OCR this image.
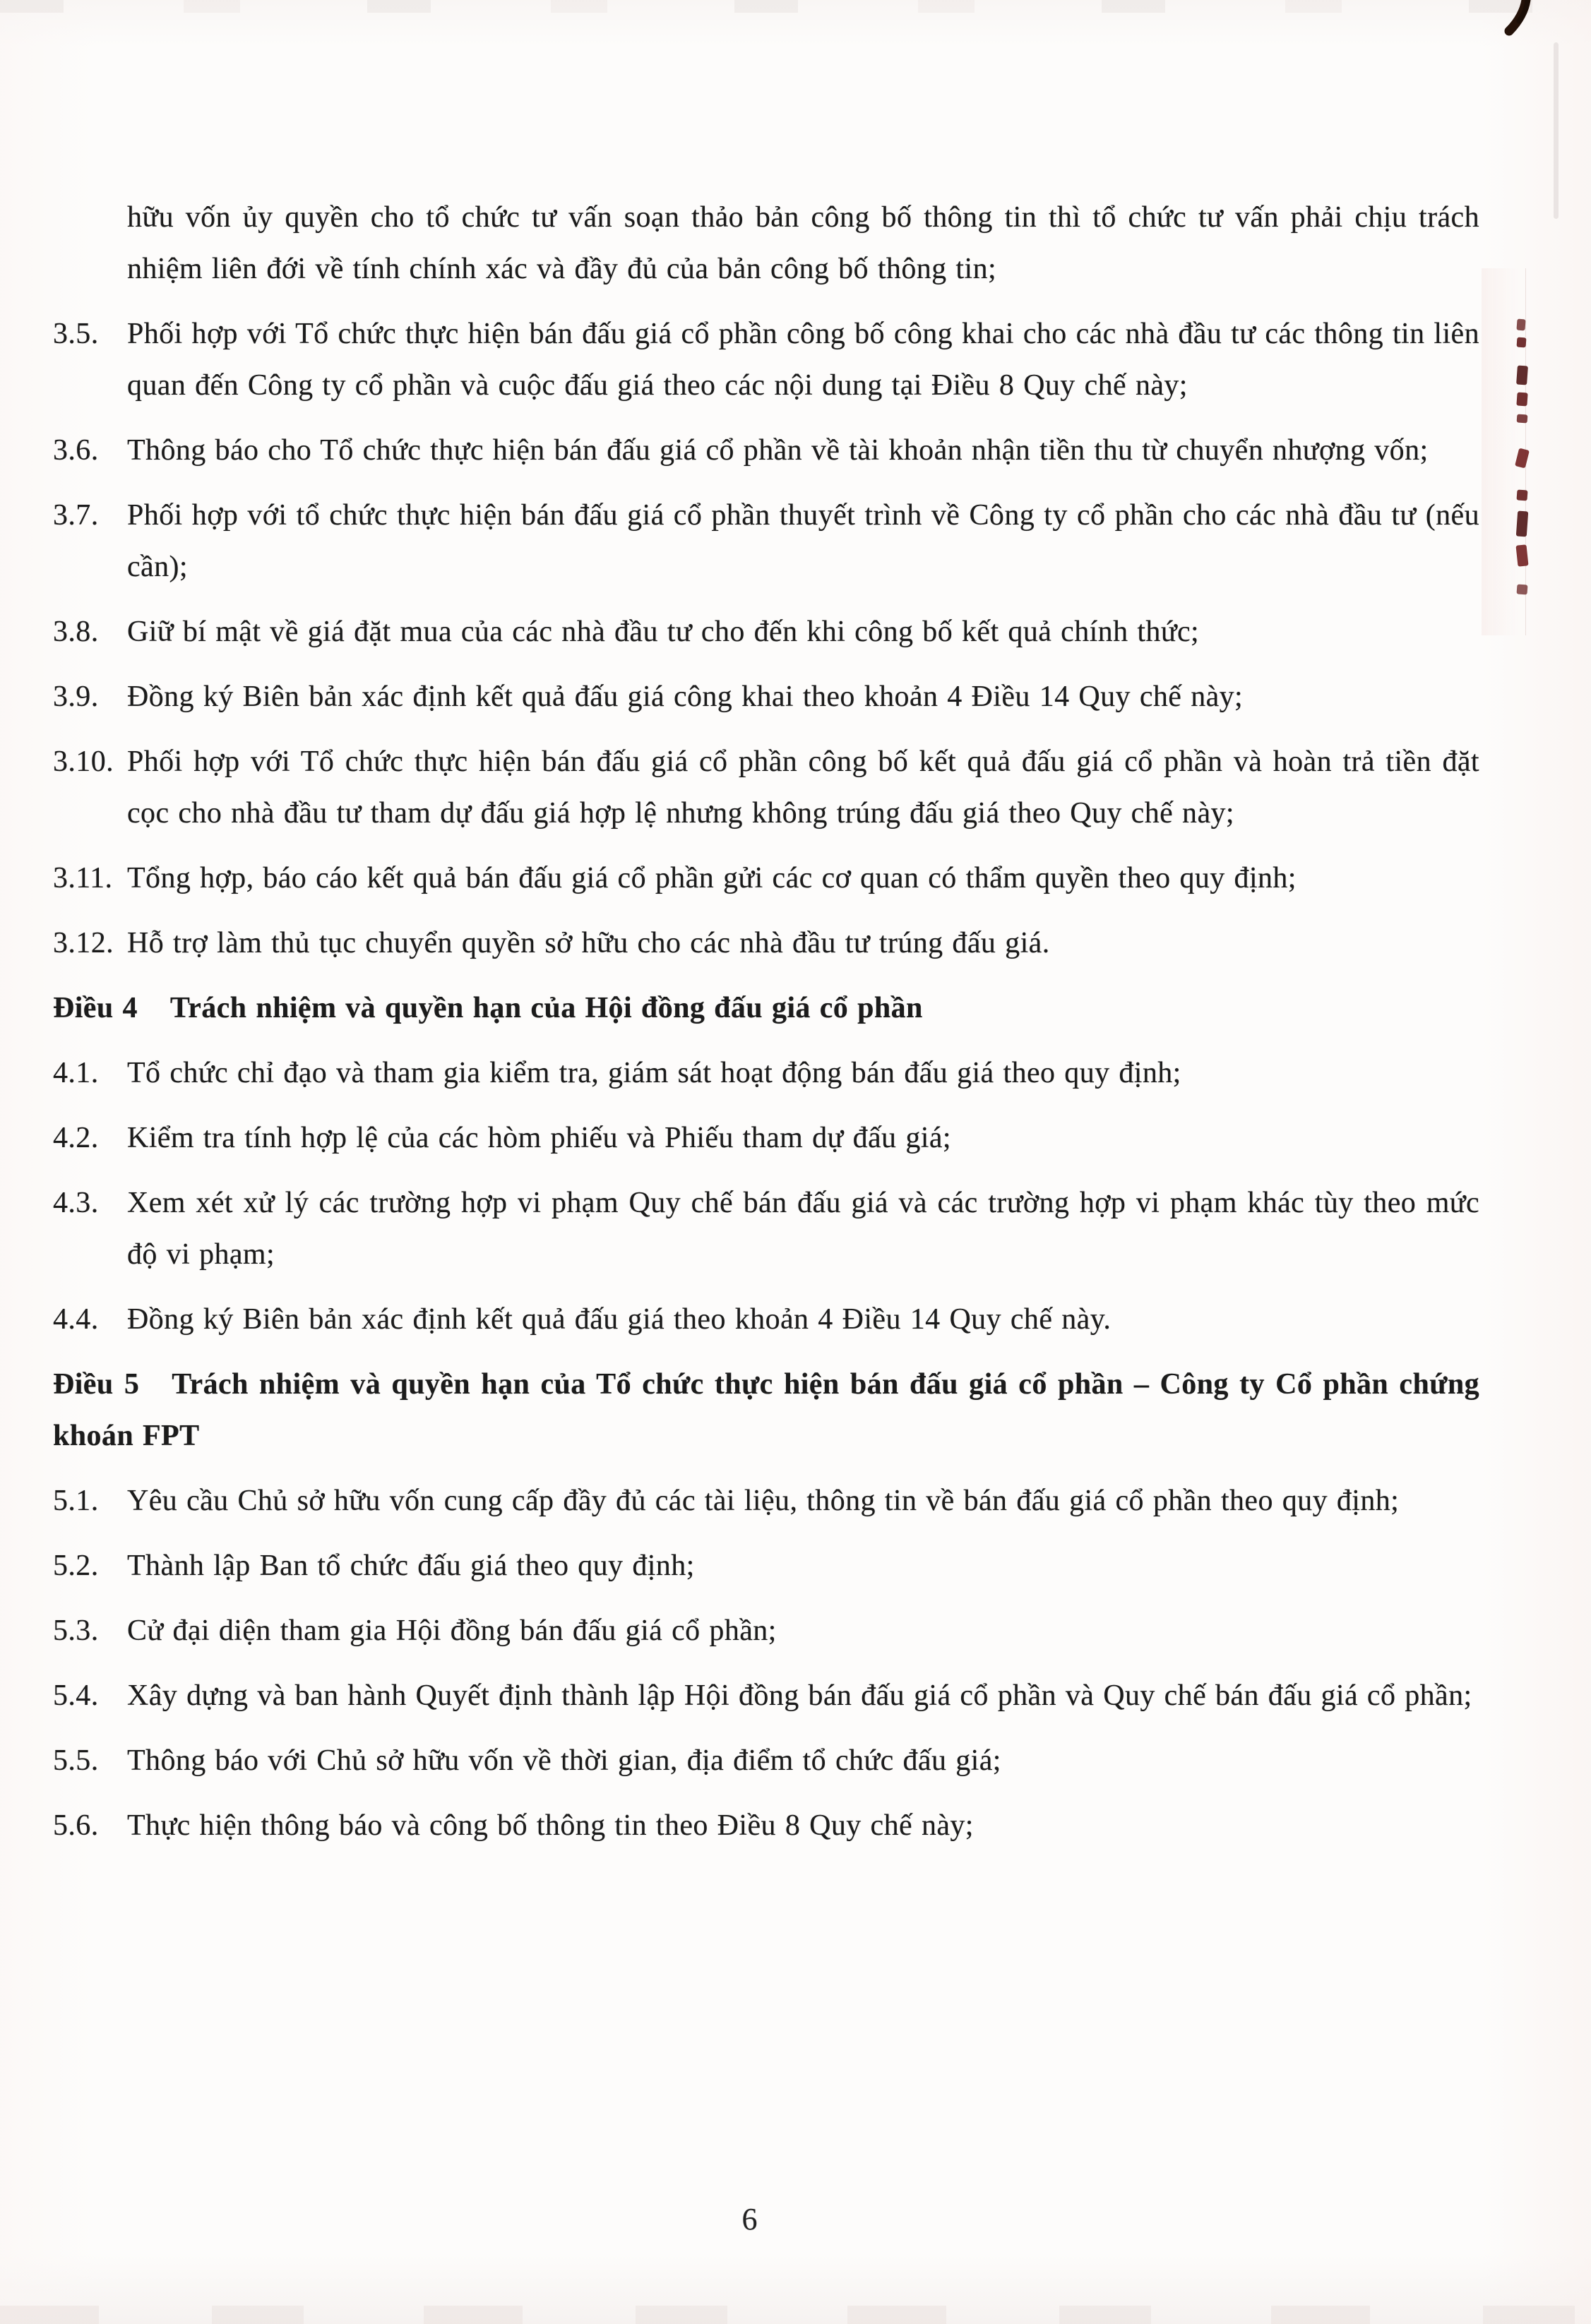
hữu vốn ủy quyền cho tổ chức tư vấn soạn thảo bản công bố thông tin thì tổ chức tư vấn phải chịu trách nhiệm liên đới về tính chính xác và đầy đủ của bản công bố thông tin;

3.5. Phối hợp với Tổ chức thực hiện bán đấu giá cổ phần công bố công khai cho các nhà đầu tư các thông tin liên quan đến Công ty cổ phần và cuộc đấu giá theo các nội dung tại Điều 8 Quy chế này;
3.6. Thông báo cho Tổ chức thực hiện bán đấu giá cổ phần về tài khoản nhận tiền thu từ chuyển nhượng vốn;
3.7. Phối hợp với tổ chức thực hiện bán đấu giá cổ phần thuyết trình về Công ty cổ phần cho các nhà đầu tư (nếu cần);
3.8. Giữ bí mật về giá đặt mua của các nhà đầu tư cho đến khi công bố kết quả chính thức;
3.9. Đồng ký Biên bản xác định kết quả đấu giá công khai theo khoản 4 Điều 14 Quy chế này;
3.10. Phối hợp với Tổ chức thực hiện bán đấu giá cổ phần công bố kết quả đấu giá cổ phần và hoàn trả tiền đặt cọc cho nhà đầu tư tham dự đấu giá hợp lệ nhưng không trúng đấu giá theo Quy chế này;
3.11. Tổng hợp, báo cáo kết quả bán đấu giá cổ phần gửi các cơ quan có thẩm quyền theo quy định;
3.12. Hỗ trợ làm thủ tục chuyển quyền sở hữu cho các nhà đầu tư trúng đấu giá.

Điều 4 Trách nhiệm và quyền hạn của Hội đồng đấu giá cổ phần

4.1. Tổ chức chỉ đạo và tham gia kiểm tra, giám sát hoạt động bán đấu giá theo quy định;
4.2. Kiểm tra tính hợp lệ của các hòm phiếu và Phiếu tham dự đấu giá;
4.3. Xem xét xử lý các trường hợp vi phạm Quy chế bán đấu giá và các trường hợp vi phạm khác tùy theo mức độ vi phạm;
4.4. Đồng ký Biên bản xác định kết quả đấu giá theo khoản 4 Điều 14 Quy chế này.

Điều 5 Trách nhiệm và quyền hạn của Tổ chức thực hiện bán đấu giá cổ phần – Công ty Cổ phần chứng khoán FPT

5.1. Yêu cầu Chủ sở hữu vốn cung cấp đầy đủ các tài liệu, thông tin về bán đấu giá cổ phần theo quy định;
5.2. Thành lập Ban tổ chức đấu giá theo quy định;
5.3. Cử đại diện tham gia Hội đồng bán đấu giá cổ phần;
5.4. Xây dựng và ban hành Quyết định thành lập Hội đồng bán đấu giá cổ phần và Quy chế bán đấu giá cổ phần;
5.5. Thông báo với Chủ sở hữu vốn về thời gian, địa điểm tổ chức đấu giá;
5.6. Thực hiện thông báo và công bố thông tin theo Điều 8 Quy chế này;
6
